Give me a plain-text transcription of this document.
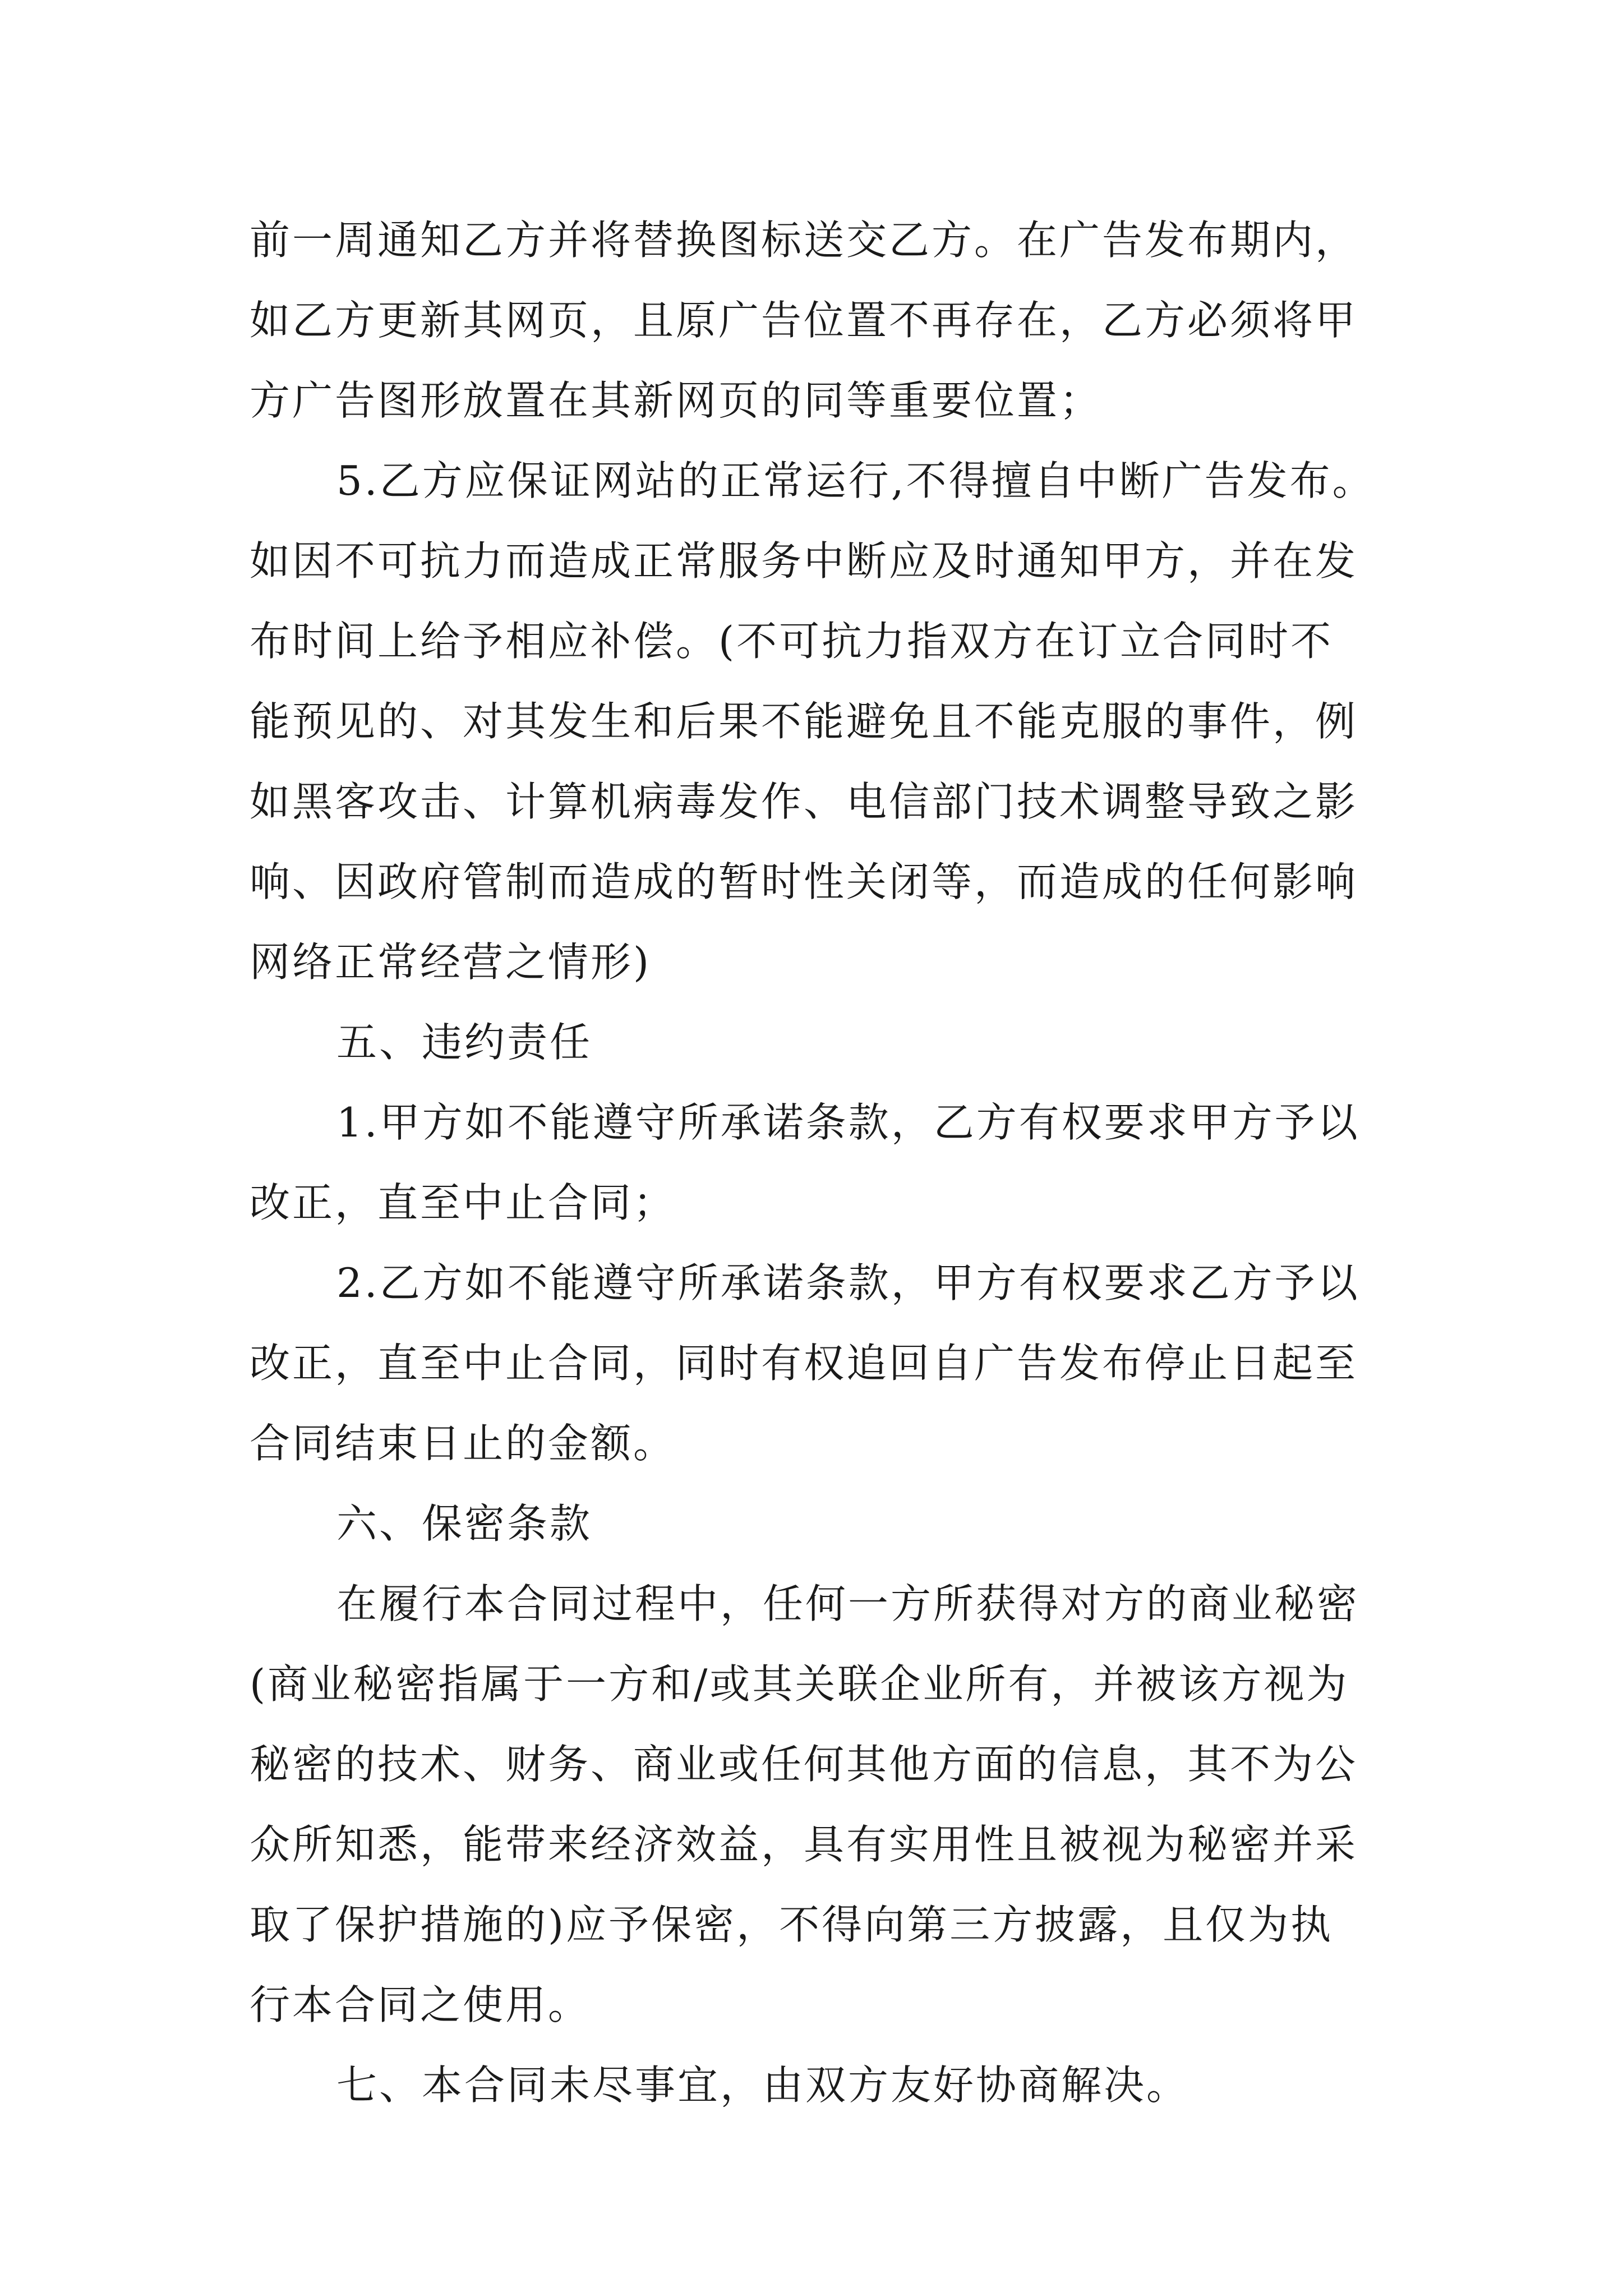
前一周通知乙方并将替换图标送交乙方。在广告发布期内，
如乙方更新其网页，且原广告位置不再存在，乙方必须将甲
方广告图形放置在其新网页的同等重要位置；
5.乙方应保证网站的正常运行,不得擅自中断广告发布。
如因不可抗力而造成正常服务中断应及时通知甲方，并在发
布时间上给予相应补偿。(不可抗力指双方在订立合同时不
能预见的、对其发生和后果不能避免且不能克服的事件，例
如黑客攻击、计算机病毒发作、电信部门技术调整导致之影
响、因政府管制而造成的暂时性关闭等，而造成的任何影响
网络正常经营之情形)
五、违约责任
1.甲方如不能遵守所承诺条款，乙方有权要求甲方予以
改正，直至中止合同；
2.乙方如不能遵守所承诺条款，甲方有权要求乙方予以
改正，直至中止合同，同时有权追回自广告发布停止日起至
合同结束日止的金额。
六、保密条款
在履行本合同过程中，任何一方所获得对方的商业秘密
(商业秘密指属于一方和/或其关联企业所有，并被该方视为
秘密的技术、财务、商业或任何其他方面的信息，其不为公
众所知悉，能带来经济效益，具有实用性且被视为秘密并采
取了保护措施的)应予保密，不得向第三方披露，且仅为执
行本合同之使用。
七、本合同未尽事宜，由双方友好协商解决。
